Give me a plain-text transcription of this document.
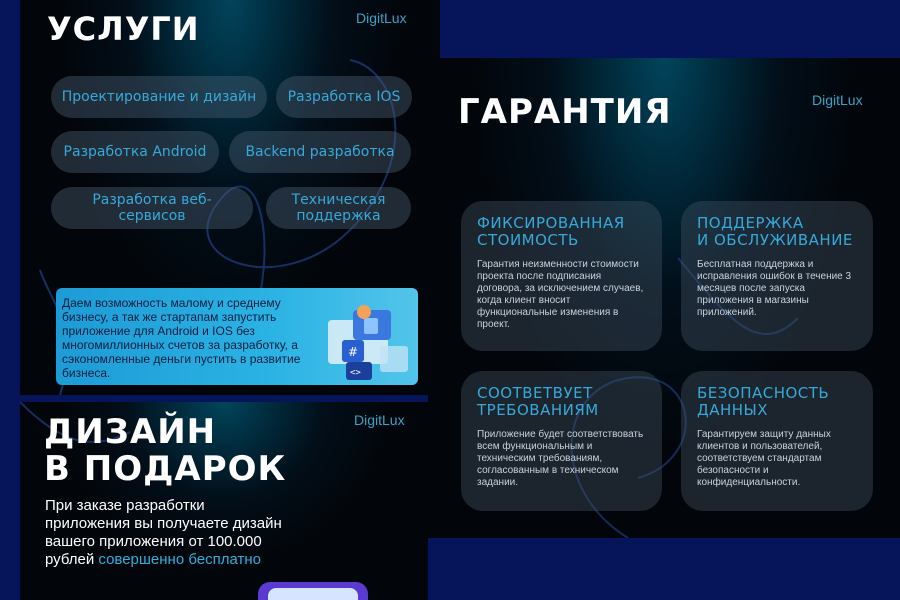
УСЛУГИ	DigitLux
Проектирование и дизайн	Разработка IOS
Разработка Android	Backend разработка
Разработка веб-сервисов
Техническая
поддержка
Даем возможность малому и среднему бизнесу, а так же стартапам запустить приложение для Android и IOS без многомиллионных счетов за разработку, а сэкономленные деньги пустить в развитие бизнеса.
#
<>
DigitLux
ДИЗАЙН
В ПОДАРОК
При заказе разработки приложения вы получаете дизайн вашего приложения от 100.000 рублей совершенно бесплатно
ГАРАНТИЯ	DigitLux

ФИКСИРОВАННАЯ
СТОИМОСТЬ

Гарантия неизменности стоимости проекта после подписания договора, за исключением случаев, когда клиент вносит функциональные изменения в проект.

ПОДДЕРЖКА
И ОБСЛУЖИВАНИЕ

Бесплатная поддержка и исправления ошибок в течение 3 месяцев после запуска приложения в магазины приложений.

СООТВЕТВУЕТ
ТРЕБОВАНИЯМ

Приложение будет соответствовать всем функциональным и техническим требованиям, согласованным в техническом задании.

БЕЗОПАСНОСТЬ
ДАННЫХ

Гарантируем защиту данных клиентов и пользователей, соответствуем стандартам безопасности и конфиденциальности.
